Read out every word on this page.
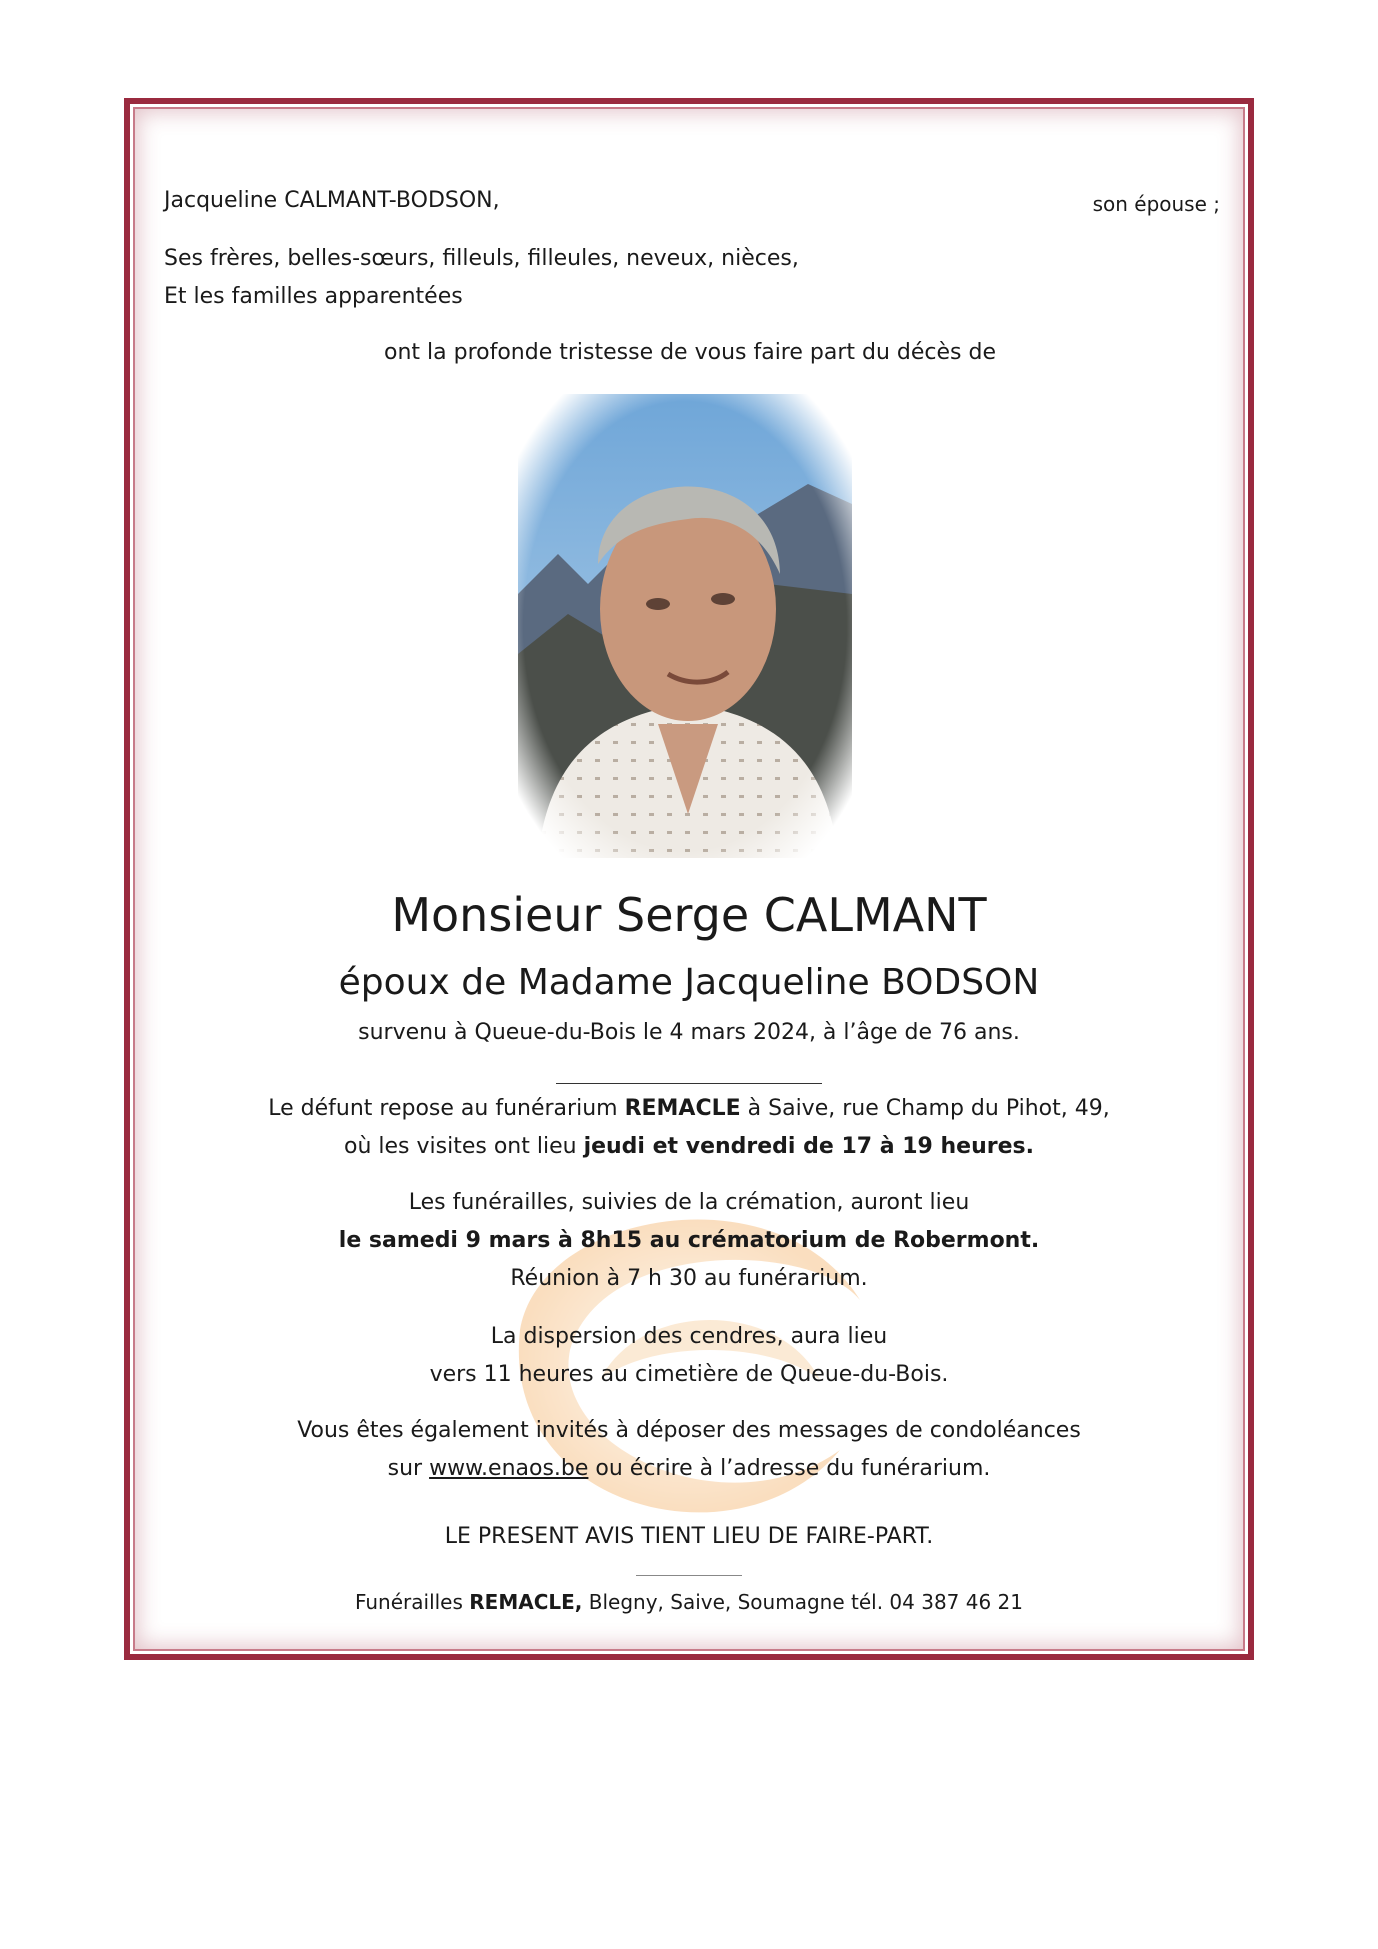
Jacqueline CALMANT-BODSON,	son épouse ;
Ses frères, belles-sœurs, filleuls, filleules, neveux, nièces,
Et les familles apparentées
ont la profonde tristesse de vous faire part du décès de
Monsieur Serge CALMANT
époux de Madame Jacqueline BODSON
survenu à Queue-du-Bois le 4 mars 2024, à l’âge de 76 ans.
Le défunt repose au funérarium REMACLE à Saive, rue Champ du Pihot, 49,
où les visites ont lieu jeudi et vendredi de 17 à 19 heures.
Les funérailles, suivies de la crémation, auront lieu
le samedi 9 mars à 8h15 au crématorium de Robermont.
Réunion à 7 h 30 au funérarium.
La dispersion des cendres, aura lieu
vers 11 heures au cimetière de Queue-du-Bois.
Vous êtes également invités à déposer des messages de condoléances
sur www.enaos.be ou écrire à l’adresse du funérarium.
LE PRESENT AVIS TIENT LIEU DE FAIRE-PART.
Funérailles REMACLE, Blegny, Saive, Soumagne tél. 04 387 46 21
